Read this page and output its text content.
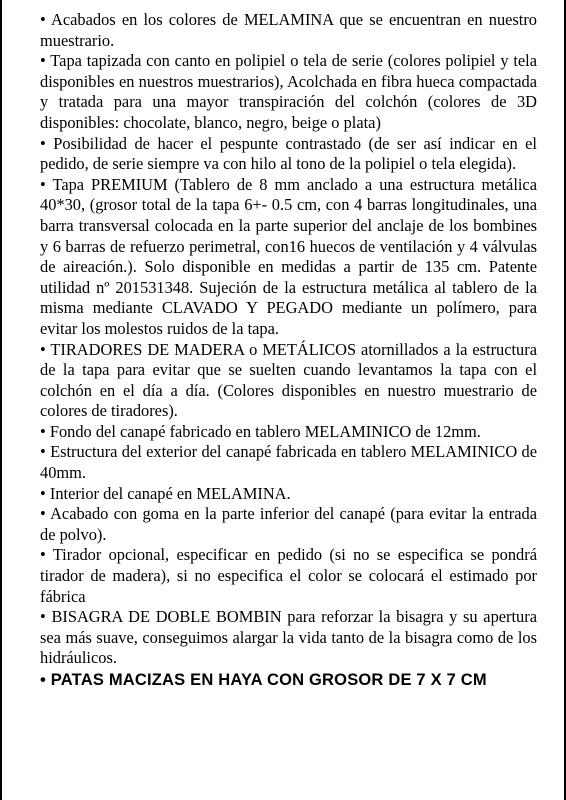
• Acabados en los colores de MELAMINA que se encuentran en nuestro muestrario.

• Tapa tapizada con canto en polipiel o tela de serie (colores polipiel y tela disponibles en nuestros muestrarios), Acolchada en fibra hueca compactada y tratada para una mayor transpiración del colchón (colores de 3D disponibles: chocolate, blanco, negro, beige o plata)

• Posibilidad de hacer el pespunte contrastado (de ser así indicar en el pedido, de serie siempre va con hilo al tono de la polipiel o tela elegida).

• Tapa PREMIUM (Tablero de 8 mm anclado a una estructura metálica 40*30, (grosor total de la tapa 6+- 0.5 cm, con 4 barras longitudinales, una barra transversal colocada en la parte superior del anclaje de los bombines y 6 barras de refuerzo perimetral, con16 huecos de ventilación y 4 válvulas de aireación.). Solo disponible en medidas a partir de 135 cm. Patente utilidad nº 201531348. Sujeción de la estructura metálica al tablero de la misma mediante CLAVADO Y PEGADO mediante un polímero, para evitar los molestos ruidos de la tapa.

• TIRADORES DE MADERA o METÁLICOS atornillados a la estructura de la tapa para evitar que se suelten cuando levantamos la tapa con el colchón en el día a día. (Colores disponibles en nuestro muestrario de colores de tiradores).

• Fondo del canapé fabricado en tablero MELAMINICO de 12mm.

• Estructura del exterior del canapé fabricada en tablero MELAMINICO de 40mm.

• Interior del canapé en MELAMINA.

• Acabado con goma en la parte inferior del canapé (para evitar la entrada de polvo).

• Tirador opcional, especificar en pedido (si no se especifica se pondrá tirador de madera), si no especifica el color se colocará el estimado por fábrica

• BISAGRA DE DOBLE BOMBIN para reforzar la bisagra y su apertura sea más suave, conseguimos alargar la vida tanto de la bisagra como de los hidráulicos.

• PATAS MACIZAS EN HAYA CON GROSOR DE 7 X 7 CM
